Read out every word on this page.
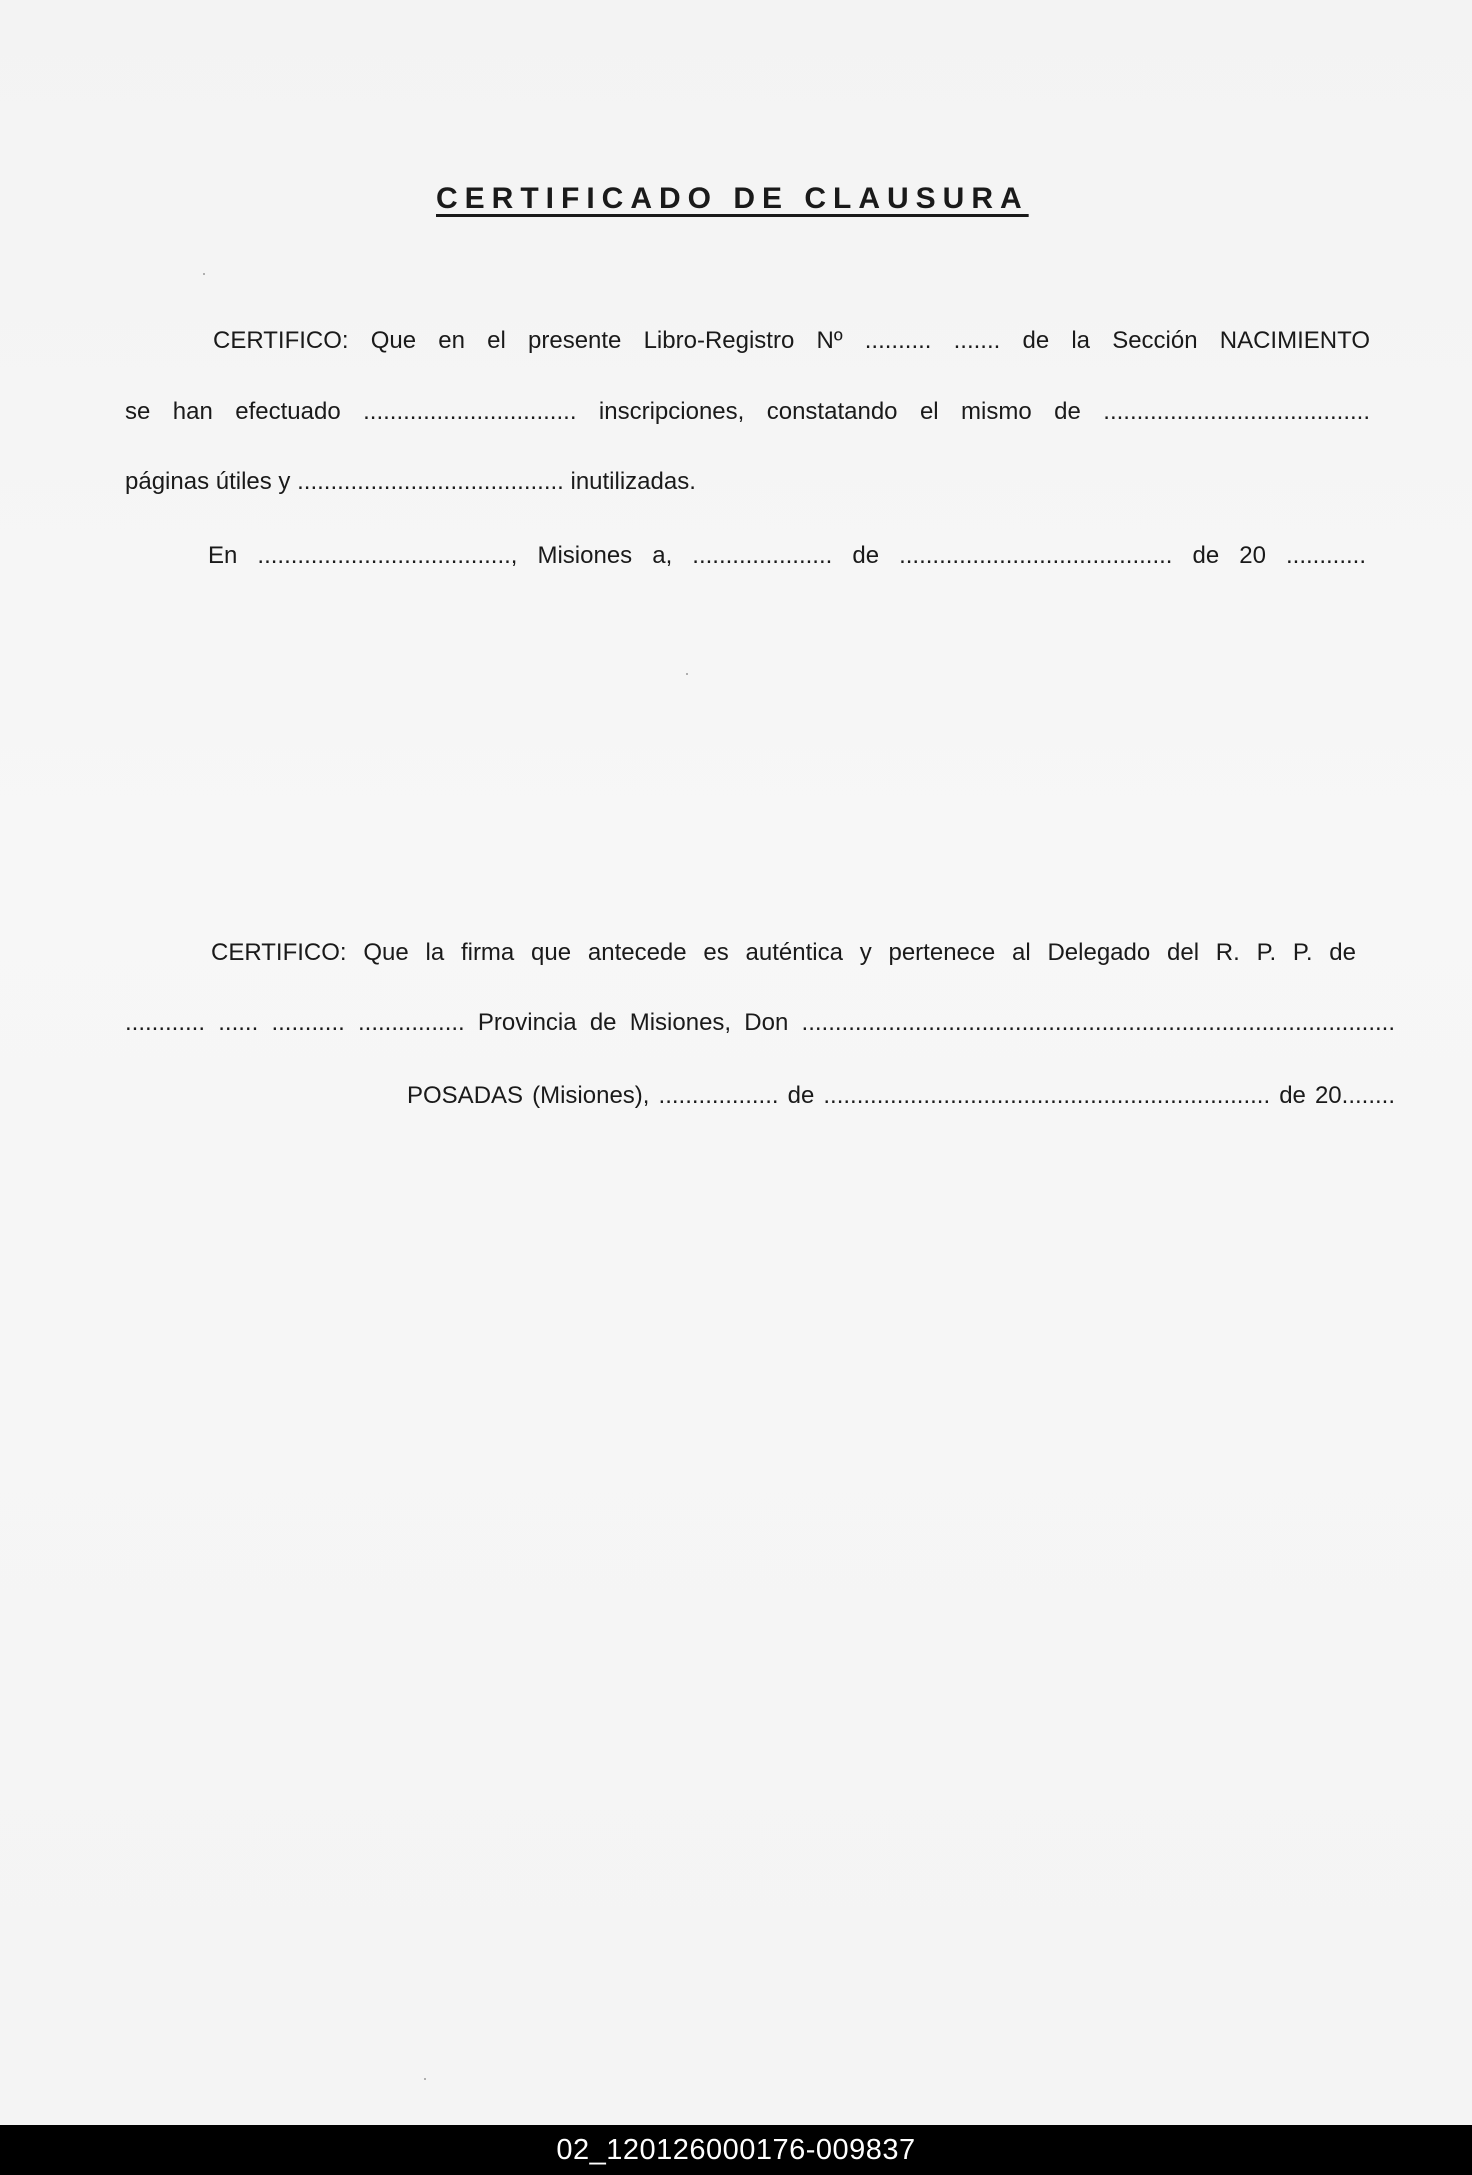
CERTIFICADO DE CLAUSURA
CERTIFICO: Que en el presente Libro-Registro Nº .......... ....... de la Sección NACIMIENTO
se han efectuado ................................ inscripciones, constatando el mismo de ........................................
páginas útiles y ........................................ inutilizadas.
En ......................................, Misiones a, ..................... de ......................................... de 20 ............
CERTIFICO: Que la firma que antecede es auténtica y pertenece al Delegado del R. P. P. de
............ ...... ........... ................ Provincia de Misiones, Don .........................................................................................
POSADAS (Misiones), .................. de ................................................................... de 20........
02_120126000176-009837
